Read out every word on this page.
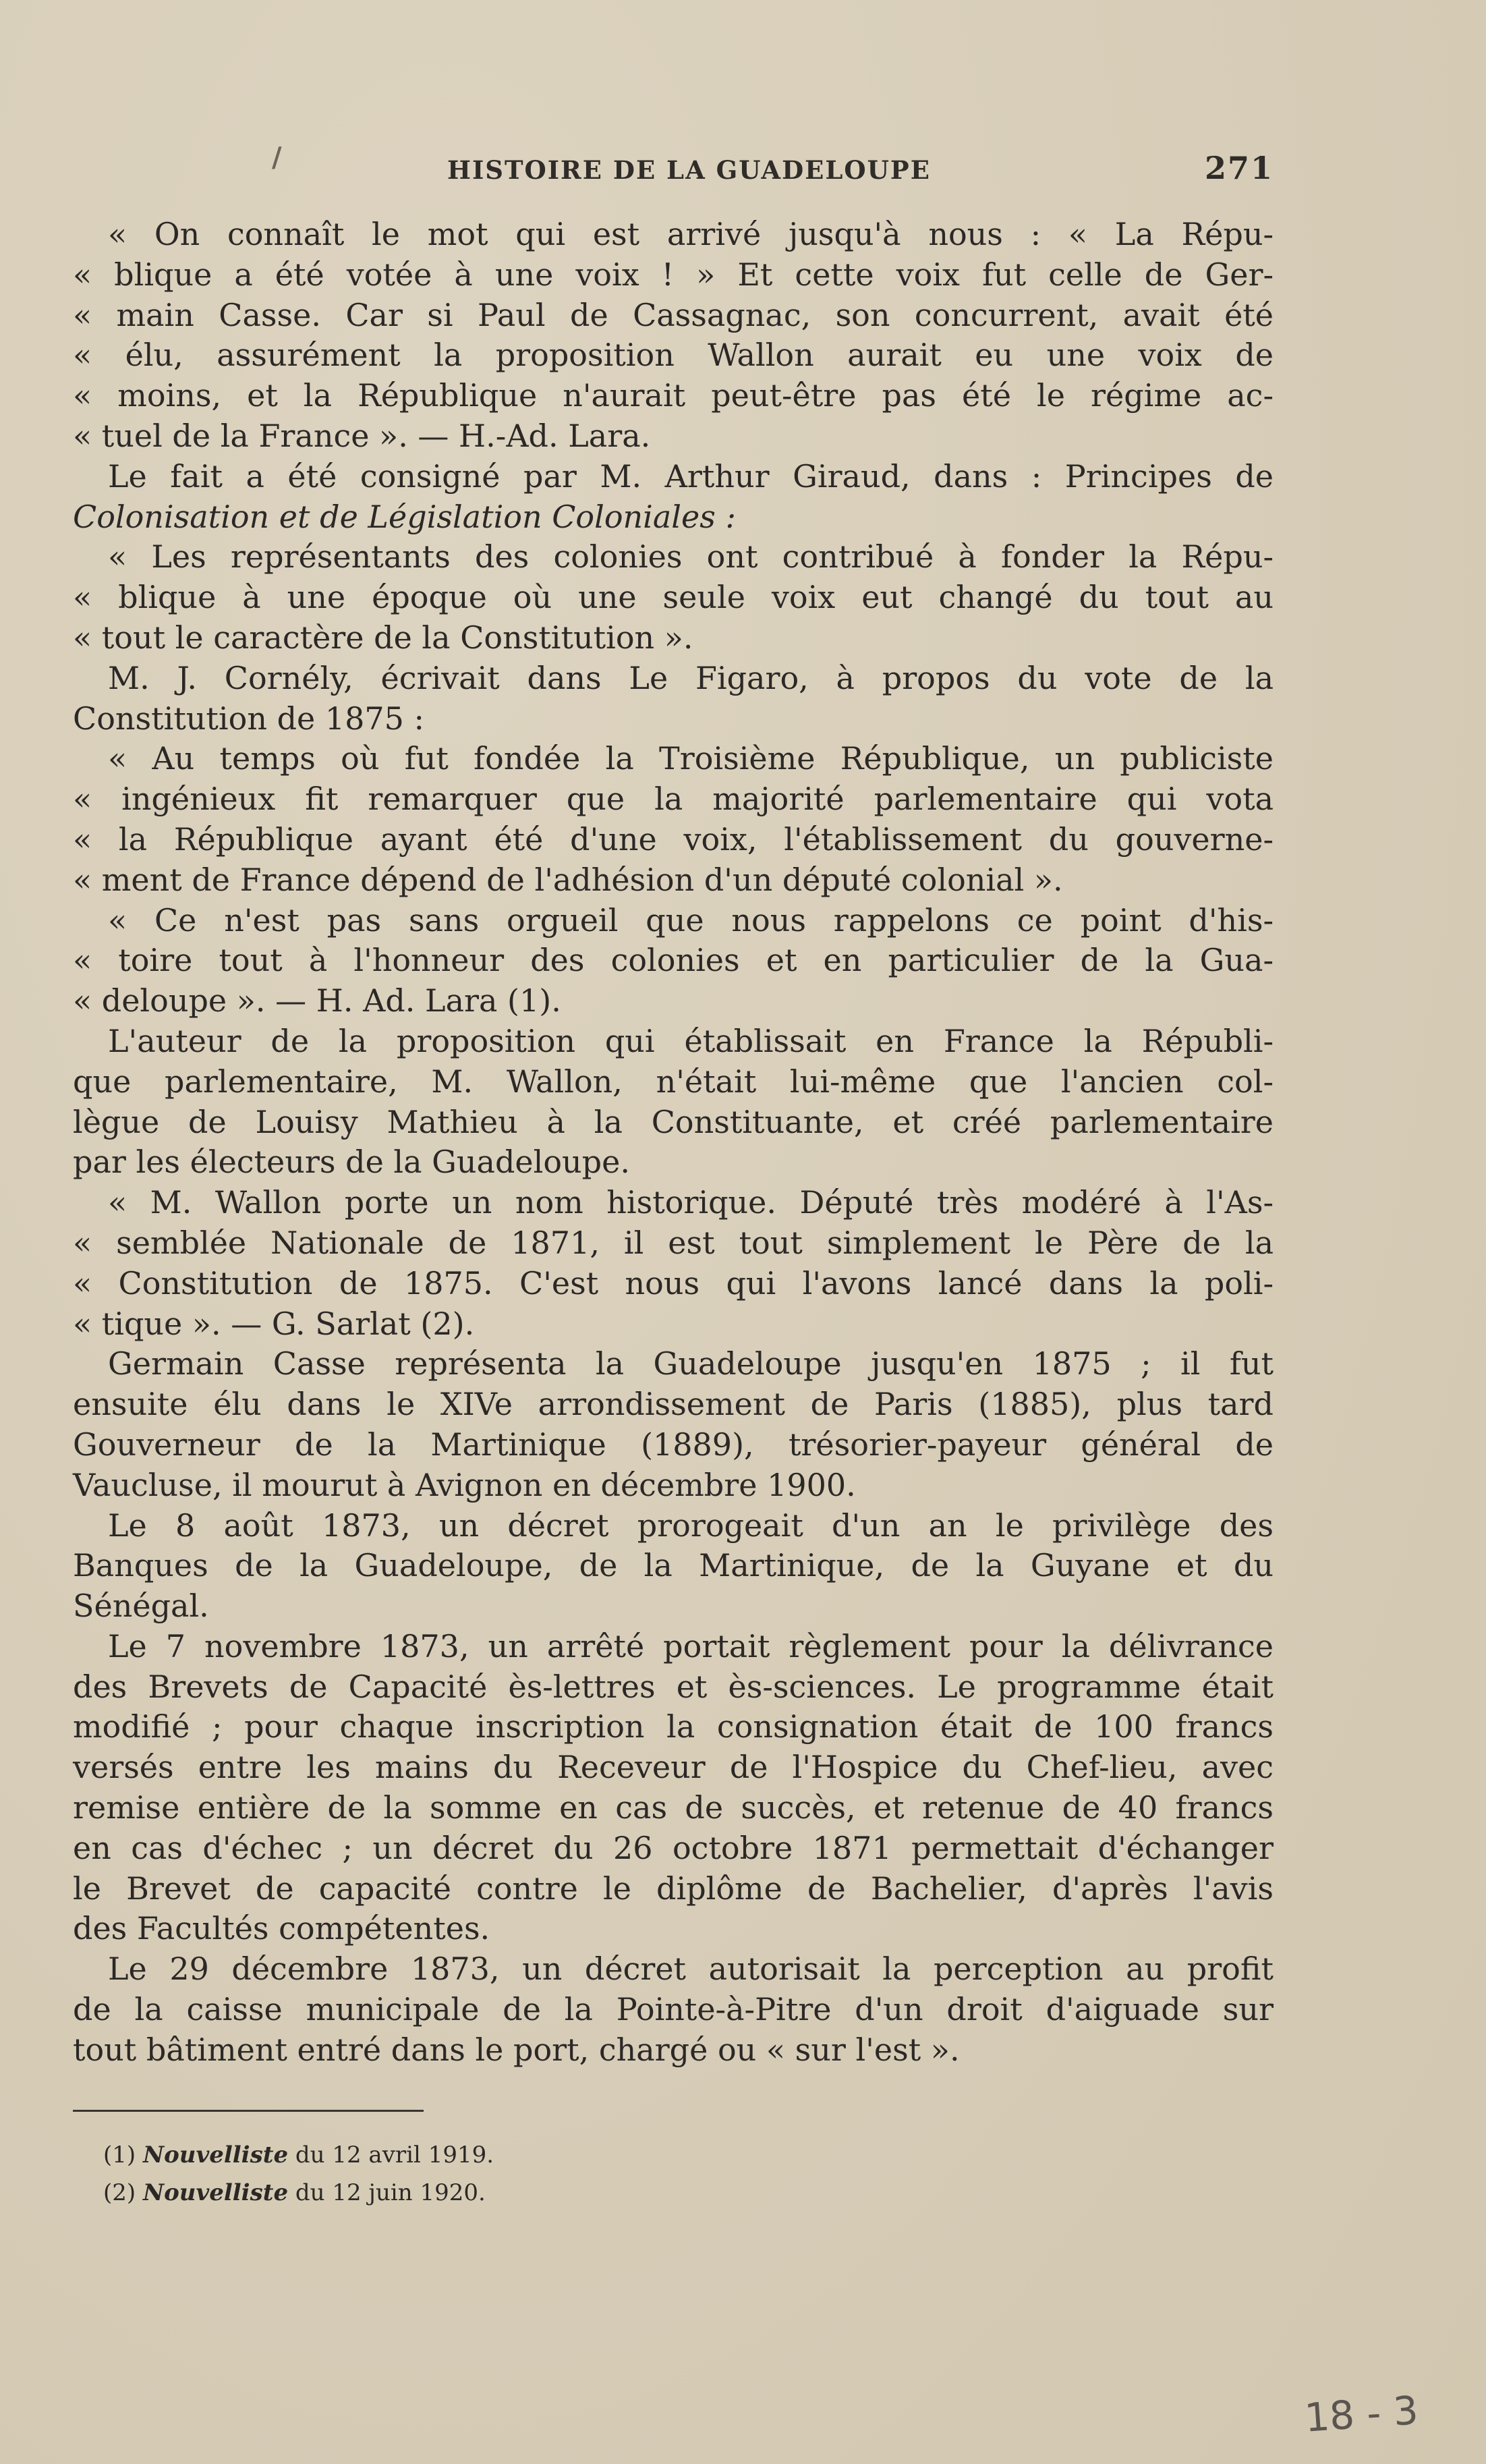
/	HISTOIRE DE LA GUADELOUPE	271
« On connaît le mot qui est arrivé jusqu'à nous : « La Répu-
« blique a été votée à une voix ! » Et cette voix fut celle de Ger-
« main Casse. Car si Paul de Cassagnac, son concurrent, avait été
« élu, assurément la proposition Wallon aurait eu une voix de
« moins, et la République n'aurait peut-être pas été le régime ac-
« tuel de la France ». — H.-Ad. Lara.
Le fait a été consigné par M. Arthur Giraud, dans : Principes de
Colonisation et de Législation Coloniales :
« Les représentants des colonies ont contribué à fonder la Répu-
« blique à une époque où une seule voix eut changé du tout au
« tout le caractère de la Constitution ».
M. J. Cornély, écrivait dans Le Figaro, à propos du vote de la
Constitution de 1875 :
« Au temps où fut fondée la Troisième République, un publiciste
« ingénieux fit remarquer que la majorité parlementaire qui vota
« la République ayant été d'une voix, l'établissement du gouverne-
« ment de France dépend de l'adhésion d'un député colonial ».
« Ce n'est pas sans orgueil que nous rappelons ce point d'his-
« toire tout à l'honneur des colonies et en particulier de la Gua-
« deloupe ». — H. Ad. Lara (1).
L'auteur de la proposition qui établissait en France la Républi-
que parlementaire, M. Wallon, n'était lui-même que l'ancien col-
lègue de Louisy Mathieu à la Constituante, et créé parlementaire
par les électeurs de la Guadeloupe.
« M. Wallon porte un nom historique. Député très modéré à l'As-
« semblée Nationale de 1871, il est tout simplement le Père de la
« Constitution de 1875. C'est nous qui l'avons lancé dans la poli-
« tique ». — G. Sarlat (2).
Germain Casse représenta la Guadeloupe jusqu'en 1875 ; il fut
ensuite élu dans le XIVe arrondissement de Paris (1885), plus tard
Gouverneur de la Martinique (1889), trésorier-payeur général de
Vaucluse, il mourut à Avignon en décembre 1900.
Le 8 août 1873, un décret prorogeait d'un an le privilège des
Banques de la Guadeloupe, de la Martinique, de la Guyane et du
Sénégal.
Le 7 novembre 1873, un arrêté portait règlement pour la délivrance
des Brevets de Capacité ès-lettres et ès-sciences. Le programme était
modifié ; pour chaque inscription la consignation était de 100 francs
versés entre les mains du Receveur de l'Hospice du Chef-lieu, avec
remise entière de la somme en cas de succès, et retenue de 40 francs
en cas d'échec ; un décret du 26 octobre 1871 permettait d'échanger
le Brevet de capacité contre le diplôme de Bachelier, d'après l'avis
des Facultés compétentes.
Le 29 décembre 1873, un décret autorisait la perception au profit
de la caisse municipale de la Pointe-à-Pitre d'un droit d'aiguade sur
tout bâtiment entré dans le port, chargé ou « sur l'est ».
(1) Nouvelliste du 12 avril 1919.
(2) Nouvelliste du 12 juin 1920.
18 - 3
